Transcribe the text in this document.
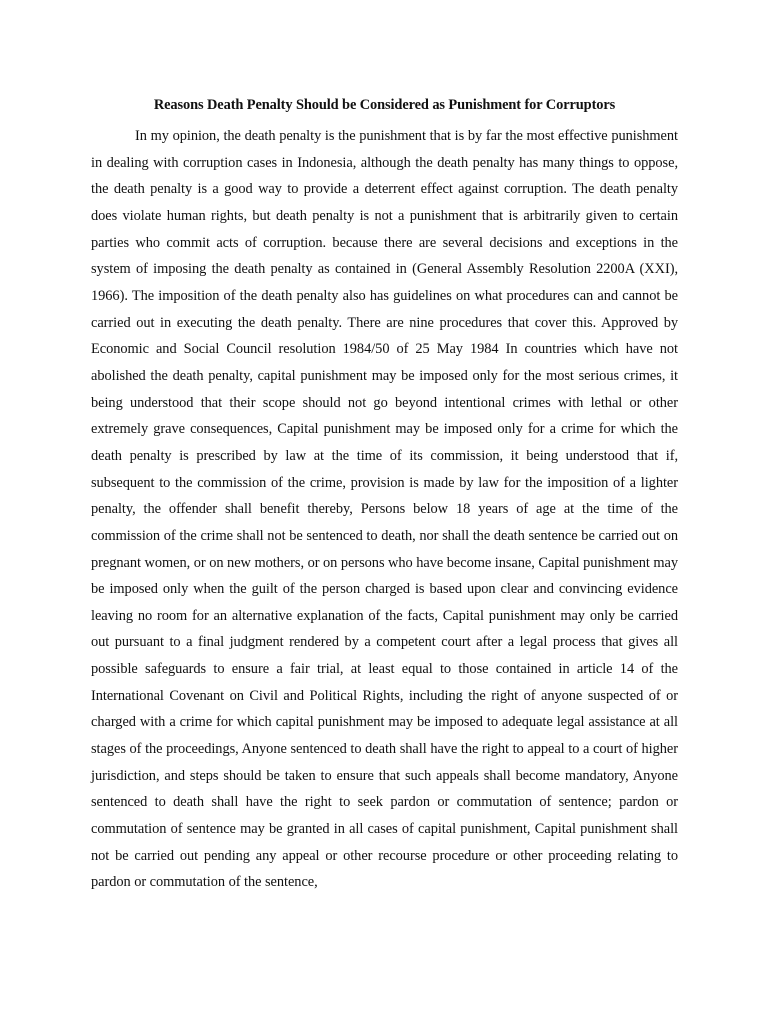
Reasons Death Penalty Should be Considered as Punishment for Corruptors

In my opinion, the death penalty is the punishment that is by far the most effective punishment in dealing with corruption cases in Indonesia, although the death penalty has many things to oppose, the death penalty is a good way to provide a deterrent effect against corruption. The death penalty does violate human rights, but death penalty is not a punishment that is arbitrarily given to certain parties who commit acts of corruption. because there are several decisions and exceptions in the system of imposing the death penalty as contained in (General Assembly Resolution 2200A (XXI), 1966). The imposition of the death penalty also has guidelines on what procedures can and cannot be carried out in executing the death penalty. There are nine procedures that cover this. Approved by Economic and Social Council resolution 1984/50 of 25 May 1984 In countries which have not abolished the death penalty, capital punishment may be imposed only for the most serious crimes, it being understood that their scope should not go beyond intentional crimes with lethal or other extremely grave consequences, Capital punishment may be imposed only for a crime for which the death penalty is prescribed by law at the time of its commission, it being understood that if, subsequent to the commission of the crime, provision is made by law for the imposition of a lighter penalty, the offender shall benefit thereby, Persons below 18 years of age at the time of the commission of the crime shall not be sentenced to death, nor shall the death sentence be carried out on pregnant women, or on new mothers, or on persons who have become insane, Capital punishment may be imposed only when the guilt of the person charged is based upon clear and convincing evidence leaving no room for an alternative explanation of the facts, Capital punishment may only be carried out pursuant to a final judgment rendered by a competent court after a legal process that gives all possible safeguards to ensure a fair trial, at least equal to those contained in article 14 of the International Covenant on Civil and Political Rights, including the right of anyone suspected of or charged with a crime for which capital punishment may be imposed to adequate legal assistance at all stages of the proceedings, Anyone sentenced to death shall have the right to appeal to a court of higher jurisdiction, and steps should be taken to ensure that such appeals shall become mandatory, Anyone sentenced to death shall have the right to seek pardon or commutation of sentence; pardon or commutation of sentence may be granted in all cases of capital punishment, Capital punishment shall not be carried out pending any appeal or other recourse procedure or other proceeding relating to pardon or commutation of the sentence,
